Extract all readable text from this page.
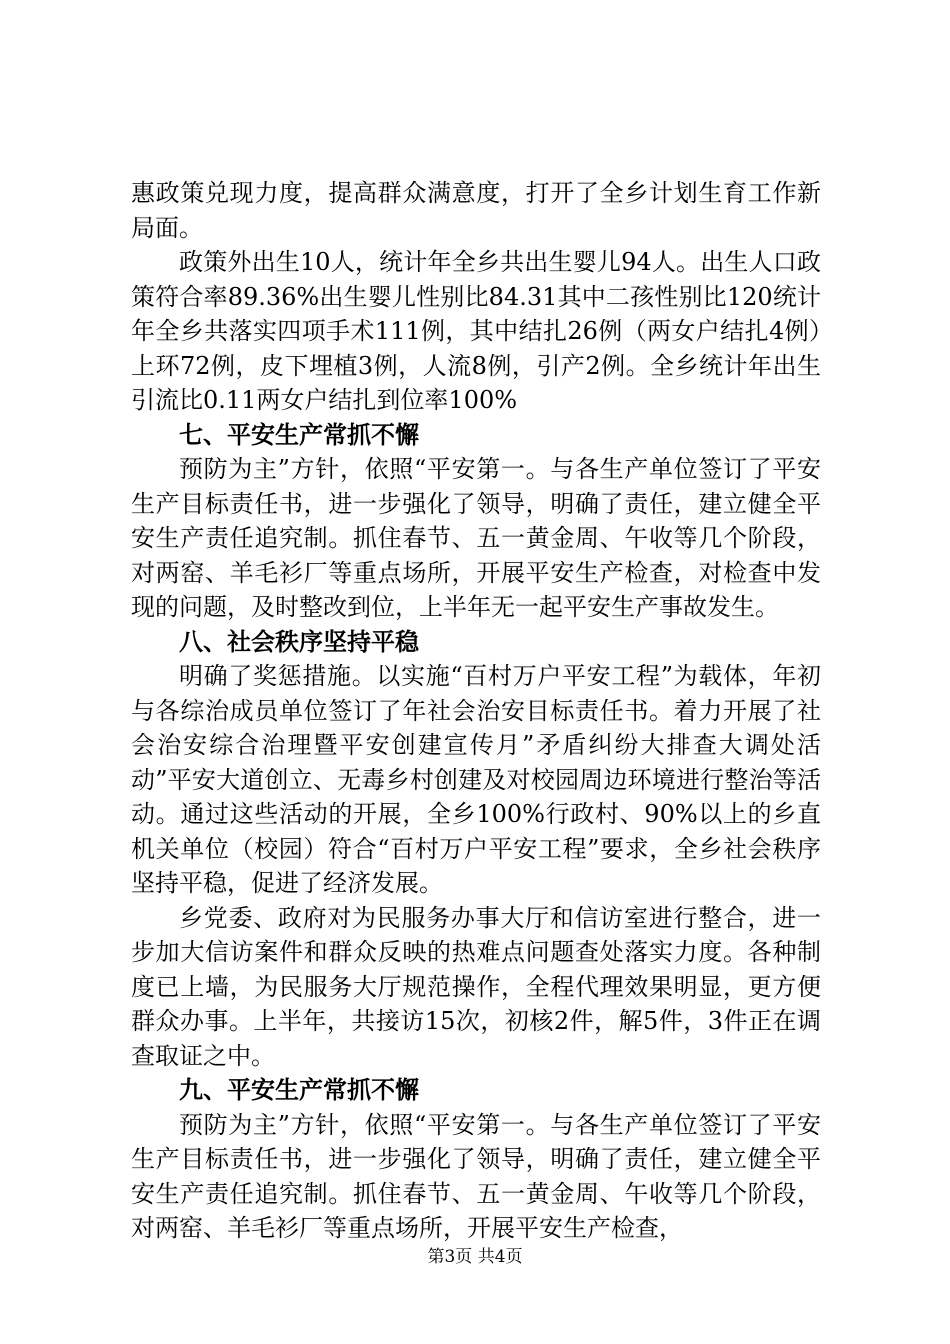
惠政策兑现力度，提高群众满意度，打开了全乡计划生育工作新局面。

政策外出生10人，统计年全乡共出生婴儿94人。出生人口政策符合率89.36%出生婴儿性别比84.31其中二孩性别比120统计年全乡共落实四项手术111例，其中结扎26例（两女户结扎4例）上环72例，皮下埋植3例，人流8例，引产2例。全乡统计年出生引流比0.11两女户结扎到位率100%

七、平安生产常抓不懈

预防为主”方针，依照“平安第一。与各生产单位签订了平安生产目标责任书，进一步强化了领导，明确了责任，建立健全平安生产责任追究制。抓住春节、五一黄金周、午收等几个阶段，对两窑、羊毛衫厂等重点场所，开展平安生产检查，对检查中发现的问题，及时整改到位，上半年无一起平安生产事故发生。

八、社会秩序坚持平稳

明确了奖惩措施。以实施“百村万户平安工程”为载体，年初与各综治成员单位签订了年社会治安目标责任书。着力开展了社会治安综合治理暨平安创建宣传月”矛盾纠纷大排查大调处活动”平安大道创立、无毒乡村创建及对校园周边环境进行整治等活动。通过这些活动的开展，全乡100%行政村、90%以上的乡直机关单位（校园）符合“百村万户平安工程”要求，全乡社会秩序坚持平稳，促进了经济发展。

乡党委、政府对为民服务办事大厅和信访室进行整合，进一步加大信访案件和群众反映的热难点问题查处落实力度。各种制度已上墙，为民服务大厅规范操作，全程代理效果明显，更方便群众办事。上半年，共接访15次，初核2件，解5件，3件正在调查取证之中。

九、平安生产常抓不懈

预防为主”方针，依照“平安第一。与各生产单位签订了平安生产目标责任书，进一步强化了领导，明确了责任，建立健全平安生产责任追究制。抓住春节、五一黄金周、午收等几个阶段，对两窑、羊毛衫厂等重点场所，开展平安生产检查，

第3页 共4页
